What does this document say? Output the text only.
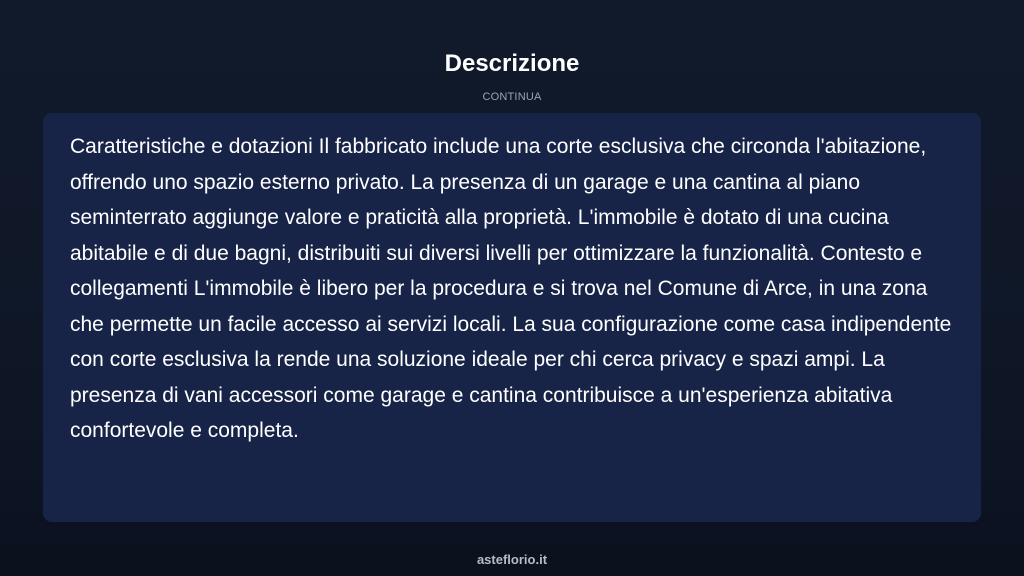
Descrizione
CONTINUA

Caratteristiche e dotazioni Il fabbricato include una corte esclusiva che circonda l'abitazione, offrendo uno spazio esterno privato. La presenza di un garage e una cantina al piano seminterrato aggiunge valore e praticità alla proprietà. L'immobile è dotato di una cucina abitabile e di due bagni, distribuiti sui diversi livelli per ottimizzare la funzionalità. Contesto e collegamenti L'immobile è libero per la procedura e si trova nel Comune di Arce, in una zona che permette un facile accesso ai servizi locali. La sua configurazione come casa indipendente con corte esclusiva la rende una soluzione ideale per chi cerca privacy e spazi ampi. La presenza di vani accessori come garage e cantina contribuisce a un'esperienza abitativa confortevole e completa.

asteflorio.it
